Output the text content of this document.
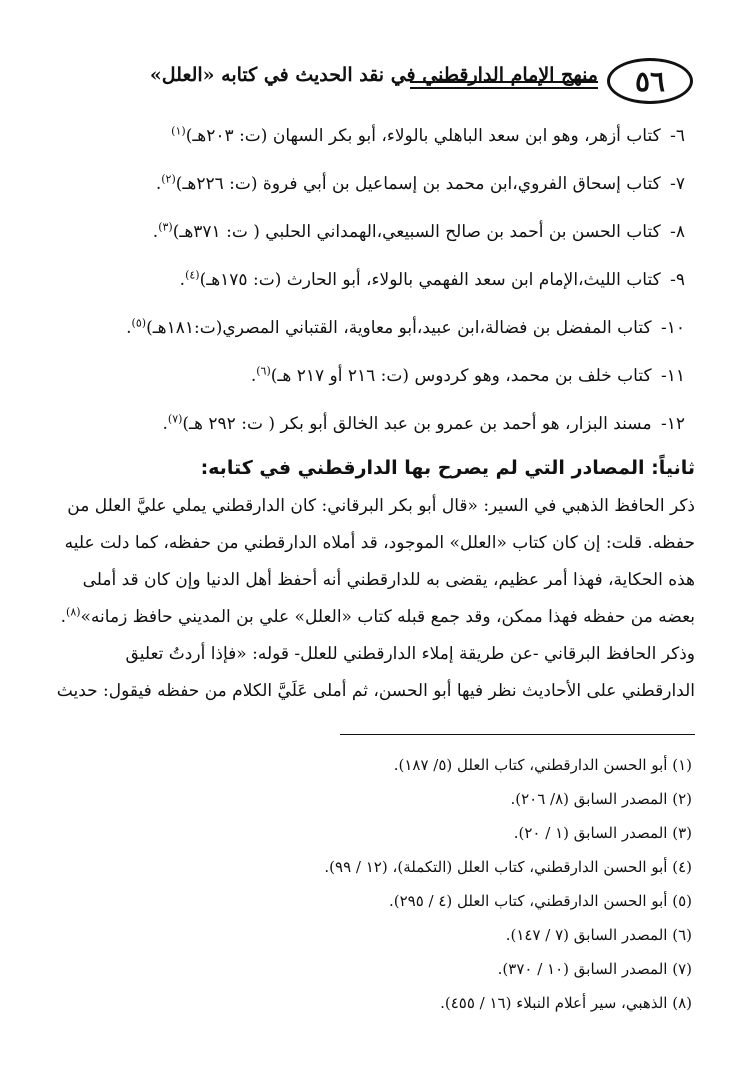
٥٦
منهج الإمام الدارقطني في نقد الحديث في كتابه «العلل»
٦- كتاب أزهر، وهو ابن سعد الباهلي بالولاء، أبو بكر السهان (ت: ٢٠٣هـ)$^{(١)}$
٧- كتاب إسحاق الفروي،ابن محمد بن إسماعيل بن أبي فروة (ت: ٢٢٦هـ)$^{(٢)}$.
٨- كتاب الحسن بن أحمد بن صالح السبيعي،الهمداني الحلبي ( ت: ٣٧١هـ)$^{(٣)}$.
٩- كتاب الليث،الإمام ابن سعد الفهمي بالولاء، أبو الحارث (ت: ١٧٥هـ)$^{(٤)}$.
١٠- كتاب المفضل بن فضالة،ابن عبيد،أبو معاوية، القتباني المصري(ت:١٨١هـ)$^{(٥)}$.
١١- كتاب خلف بن محمد، وهو كردوس (ت: ٢١٦ أو ٢١٧ هـ)$^{(٦)}$.
١٢- مسند البزار، هو أحمد بن عمرو بن عبد الخالق أبو بكر ( ت: ٢٩٢ هـ)$^{(٧)}$.
ثانياً: المصادر التي لم يصرح بها الدارقطني في كتابه:
ذكر الحافظ الذهبي في السير: «قال أبو بكر البرقاني: كان الدارقطني يملي عليَّ العلل من
حفظه. قلت: إن كان كتاب «العلل» الموجود، قد أملاه الدارقطني من حفظه، كما دلت عليه
هذه الحكاية، فهذا أمر عظيم، يقضى به للدارقطني أنه أحفظ أهل الدنيا وإن كان قد أملى
بعضه من حفظه فهذا ممكن، وقد جمع قبله كتاب «العلل» علي بن المديني حافظ زمانه»$^{(٨)}$.
وذكر الحافظ البرقاني -عن طريقة إملاء الدارقطني للعلل- قوله: «فإذا أردتُ تعليق
الدارقطني على الأحاديث نظر فيها أبو الحسن، ثم أملى عَلَيَّ الكلام من حفظه فيقول: حديث
(١) أبو الحسن الدارقطني، كتاب العلل (٥/ ١٨٧).
(٢) المصدر السابق (٨/ ٢٠٦).
(٣) المصدر السابق (١ / ٢٠).
(٤) أبو الحسن الدارقطني، كتاب العلل (التكملة)، (١٢ / ٩٩).
(٥) أبو الحسن الدارقطني، كتاب العلل (٤ / ٢٩٥).
(٦) المصدر السابق (٧ / ١٤٧).
(٧) المصدر السابق (١٠ / ٣٧٠).
(٨) الذهبي، سير أعلام النبلاء (١٦ / ٤٥٥).
